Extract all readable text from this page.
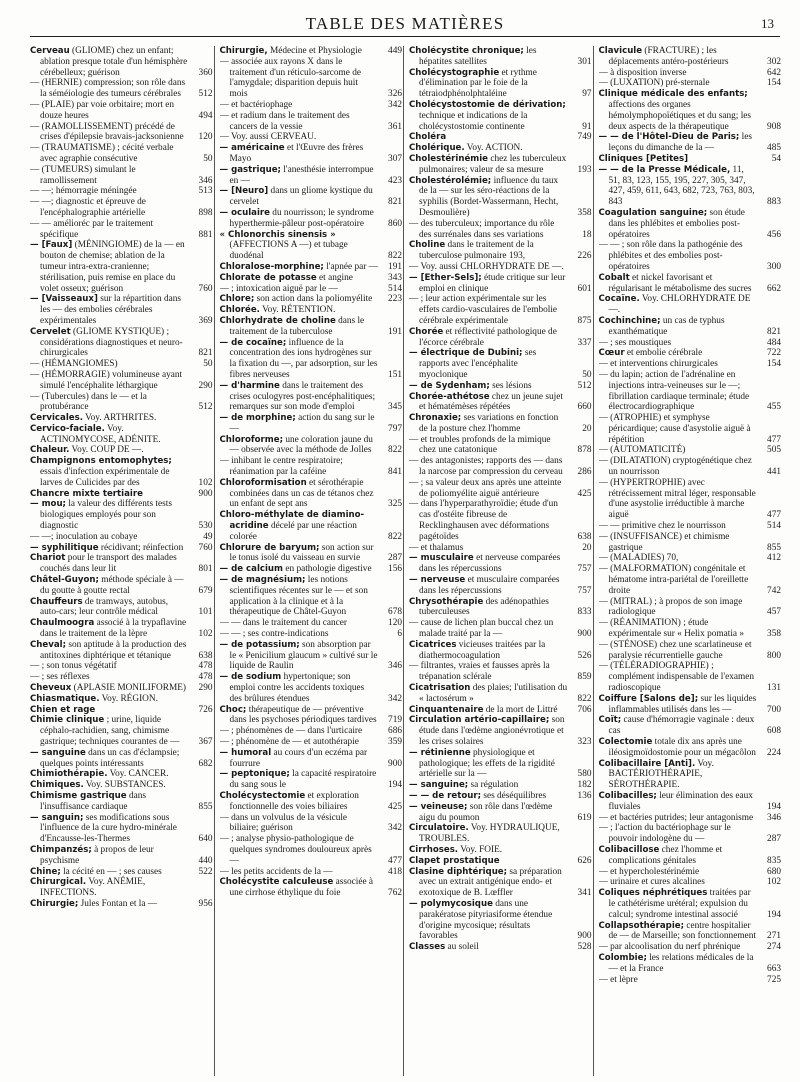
TABLE DES MATIÈRES	13
Cerveau (GLIOME) chez un enfant; ablation presque totale d'un hémisphère cérébelleux; guérison	360
— (HERNIE) compression; son rôle dans la séméiologie des tumeurs cérébrales	512
— (PLAIE) par voie orbitaire; mort en douze heures	494
— (RAMOLLISSEMENT) précédé de crises d'épilepsie bravais-jacksonienne	120
— (TRAUMATISME) ; cécité verbale avec agraphie consécutive	50
— (TUMEURS) simulant le ramollissement	346
— —; hémorragie méningée	513
— —; diagnostic et épreuve de l'encéphalographie artérielle	898
— — amélioréc par le traitement spécifique	881
— [Faux] (MÉNINGIOME) de la — en bouton de chemise; ablation de la tumeur intra-extra-cranienne; stérilisation, puis remise en place du volet osseux; guérison	760
— [Vaisseaux] sur la répartition dans les — des embolies cérébrales expérimentales	369
Cervelet (GLIOME KYSTIQUE) ; considérations diagnostiques et neuro-chirurgicales	821
— (HÉMANGIOMES)	50
— (HÉMORRAGIE) volumineuse ayant simulé l'encéphalite léthargique	290
— (Tubercules) dans le — et la protubérance	512
Cervicales. Voy. ARTHRITES.
Cervico-faciale. Voy. ACTINOMYCOSE, ADÉNITE.
Chaleur. Voy. COUP DE —.
Champignons entomophytes; essais d'infection expérimentale de larves de Culicides par des	102
Chancre mixte tertiaire	900
— mou; la valeur des différents tests biologiques employés pour son diagnostic	530
— —; inoculation au cobaye	49
— syphilitique récidivant; réinfection	760
Chariot pour le transport des malades couchés dans leur lit	801
Châtel-Guyon; méthode spéciale à — du goutte à goutte rectal	679
Chauffeurs de tramways, autobus, auto-cars; leur contrôle médical	101
Chaulmoogra associé à la trypaflavine dans le traitement de la lèpre	102
Cheval; son aptitude à la production des antitoxines diphtérique et tétanique	638
— ; son tonus végétatif	478
— ; ses réflexes	478
Cheveux (APLASIE MONILIFORME)	290
Chiasmatique. Voy. RÉGION.
Chien et rage	726
Chimie clinique ; urine, liquide céphalo-rachidien, sang, chimisme gastrique; techniques courantes de —	367
— sanguine dans un cas d'éclampsie; quelques points intéressants	682
Chimiothérapie. Voy. CANCER.
Chimiques. Voy. SUBSTANCES.
Chimisme gastrique dans l'insuffisance cardiaque	855
— sanguin; ses modifications sous l'influence de la cure hydro-minérale d'Encausse-les-Thermes	640
Chimpanzés; à propos de leur psychisme	440
Chine; la cécité en — ; ses causes	522
Chirurgical. Voy. ANÉMIE, INFECTIONS.
Chirurgie; Jules Fontan et la —	956
Chirurgie, Médecine et Physiologie	449
— associée aux rayons X dans le traitement d'un réticulo-sarcome de l'amygdale; disparition depuis huit mois	326
— et bactériophage	342
— et radium dans le traitement des cancers de la vessie	361
— Voy. aussi CERVEAU.
— américaine et l'Œuvre des frères Mayo	307
— gastrique; l'anesthésie interrompue en —	423
— [Neuro] dans un gliome kystique du cervelet	821
— oculaire du nourrisson; le syndrome hyperthermie-pâleur post-opératoire	860
« Chlonorchis sinensis » (AFFECTIONS A —) et tubage duodénal	822
Chloralose-morphine; l'apnée par —	191
Chlorate de potasse et angine	343
— ; intoxication aiguë par le —	514
Chlore; son action dans la poliomyélite	223
Chlorée. Voy. RÉTENTION.
Chlorhydrate de choline dans le traitement de la tuberculose	191
— de cocaïne; influence de la concentration des ions hydrogènes sur la fixation du —, par adsorption, sur les fibres nerveuses	151
— d'harmine dans le traitement des crises oculogyres post-encéphalitiques; remarques sur son mode d'emploi	345
— de morphine; action du sang sur le —	797
Chloroforme; une coloration jaune du — observée avec la méthode de Jolles	822
— inhibant le centre respiratoire; réanimation par la caféine	841
Chloroformisation et sérothérapie combinées dans un cas de tétanos chez un enfant de sept ans	325
Chloro-méthylate de diamino-acridine décelé par une réaction colorée	822
Chlorure de baryum; son action sur le tonus isolé du vaisseau en survie	287
— de calcium en pathologie digestive	156
— de magnésium; les notions scientifiques récentes sur le — et son application à la clinique et à la thérapeutique de Châtel-Guyon	678
— — dans le traitement du cancer	120
— — ; ses contre-indications	6
— de potassium; son absorption par le « Penicilium glaucum » cultivé sur le liquide de Raulin	346
— de sodium hypertonique; son emploi contre les accidents toxiques des brûlures étendues	342
Choc; thérapeutique de — préventive dans les psychoses périodiques tardives	719
— ; phénomènes de — dans l'urticaire	686
— ; phénomène de — et autothérapie	359
— humoral au cours d'un eczéma par fourrure	900
— peptonique; la capacité respiratoire du sang sous le	194
Cholécystectomie et exploration fonctionnelle des voies biliaires	425
— dans un volvulus de la vésicule biliaire; guérison	342
— ; analyse physio-pathologique de quelques syndromes douloureux après —	477
— les petits accidents de la —	418
Cholécystite calculeuse associée à une cirrhose éthylique du foie	762
Cholécystite chronique; les hépatites satellites	301
Cholécystographie et rythme d'élimination par le foie de la tétraiodphénolphtaléine	97
Cholécystostomie de dérivation; technique et indications de la cholécystostomie continente	91
Choléra	749
Cholérique. Voy. ACTION.
Cholestérinémie chez les tuberculeux pulmonaires; valeur de sa mesure	193
Cholestérolémie; influence du taux de la — sur les séro-réactions de la syphilis (Bordet-Wassermann, Hecht, Desmoulière)	358
— des tuberculeux; importance du rôle des surrénales dans ses variations	18
Choline dans le traitement de la tuberculose pulmonaire 193,	226
— Voy. aussi CHLORHYDRATE DE —.
— [Ether-Sels]; étude critique sur leur emploi en clinique	601
— ; leur action expérimentale sur les effets cardio-vasculaires de l'embolie cérébrale expérimentale	875
Chorée et réflectivité pathologique de l'écorce cérébrale	337
— électrique de Dubini; ses rapports avec l'encéphalite myoclonique	50
— de Sydenham; ses lésions	512
Chorée-athétose chez un jeune sujet et hématémèses répétées	660
Chronaxie; ses variations en fonction de la posture chez l'homme	20
— et troubles profonds de la mimique chez une catatonique	878
— des antagonistes; rapports des — dans la narcose par compression du cerveau	286
— ; sa valeur deux ans après une atteinte de poliomyélite aiguë antérieure	425
— dans l'hyperparathyroïdie; étude d'un cas d'ostéite fibreuse de Recklinghausen avec déformations pagétoïdes	638
— et thalamus	20
— musculaire et nerveuse comparées dans les répercussions	757
— nerveuse et musculaire comparées dans les répercussions	757
Chrysothérapie des adénopathies tuberculeuses	833
— cause de lichen plan buccal chez un malade traité par la —	900
Cicatrices vicieuses traitées par la diathermocoagulation	526
— filtrantes, vraies et fausses après la trépanation sclérale	859
Cicatrisation des plaies; l'utilisation du « lactosérum »	822
Cinquantenaire de la mort de Littré	706
Circulation artério-capillaire; son étude dans l'œdème angionévrotique et les crises solaires	323
— rétinienne physiologique et pathologique; les effets de la rigidité artérielle sur la —	580
— sanguine; sa régulation	182
— — de retour; ses déséquilibres	136
— veineuse; son rôle dans l'œdème aigu du poumon	619
Circulatoire. Voy. HYDRAULIQUE, TROUBLES.
Cirrhoses. Voy. FOIE.
Clapet prostatique	626
Clasine diphtérique; sa préparation avec un extrait antigénique endo- et exotoxique de B. Lœffler	341
— polymycosique dans une parakératose pityriasiforme étendue d'origine mycosique; résultats favorables	900
Classes au soleil	528
Clavicule (FRACTURE) ; les déplacements antéro-postérieurs	302
— à disposition inverse	642
— (LUXATION) pré-sternale	154
Clinique médicale des enfants; affections des organes hémolymphopoïétiques et du sang; les deux aspects de la thérapeutique	908
— — de l'Hôtel-Dieu de Paris; les leçons du dimanche de la —	485
Cliniques [Petites]	54
— — de la Presse Médicale, 11, 51, 83, 123, 155, 195, 227, 305, 347, 427, 459, 611, 643, 682, 723, 763, 803, 843	883
Coagulation sanguine; son étude dans les phlébites et embolies post-opératoires	456
— — ; son rôle dans la pathogénie des phlébites et des embolies post-opératoires	300
Cobalt et nickel favorisant et régularisant le métabolisme des sucres	662
Cocaïne. Voy. CHLORHYDRATE DE —.
Cochinchine; un cas de typhus exanthématique	821
— ; ses moustiques	484
Cœur et embolie cérébrale	722
— et interventions chirurgicales	154
— du lapin; action de l'adrénaline en injections intra-veineuses sur le —; fibrillation cardiaque terminale; étude électrocardiographique	455
— (ATROPHIE) et symphyse péricardique; cause d'asystolie aiguë à répétition	477
— (AUTOMATICITÉ)	505
— (DILATATION) cryptogénétique chez un nourrisson	441
— (HYPERTROPHIE) avec rétrécissement mitral léger, responsable d'une asystolie irréductible à marche aiguë	477
— — primitive chez le nourrisson	514
— (INSUFFISANCE) et chimisme gastrique	855
— (MALADIES) 70,	412
— (MALFORMATION) congénitale et hématome intra-pariétal de l'oreillette droite	742
— (MITRAL) ; à propos de son image radiologique	457
— (RÉANIMATION) ; étude expérimentale sur « Helix pomatia »	358
— (STÉNOSE) chez une scarlatineuse et paralysie récurrentielle gauche	800
— (TÉLÉRADIOGRAPHIE) ; complément indispensable de l'examen radioscopique	131
Coiffure [Salons de]; sur les liquides inflammables utilisés dans les —	700
Coït; cause d'hémorragie vaginale : deux cas	608
Colectomie totale dix ans après une iléosigmoïdostomie pour un mégacôlon	224
Colibacillaire [Anti]. Voy. BACTÉRIOTHÉRAPIE, SÉROTHÉRAPIE.
Colibacilles; leur élimination des eaux fluviales	194
— et bactéries putrides; leur antagonisme	346
— ; l'action du bactériophage sur le pouvoir indologène du —	287
Colibacillose chez l'homme et complications génitales	835
— et hypercholestérinémie	680
— urinaire et cures alcalines	102
Coliques néphrétiques traitées par le cathétérisme urétéral; expulsion du calcul; syndrome intestinal associé	194
Collapsothérapie; centre hospitalier de — de Marseille; son fonctionnement	271
— par alcoolisation du nerf phrénique	274
Colombie; les relations médicales de la — et la France	663
— et lèpre	725
